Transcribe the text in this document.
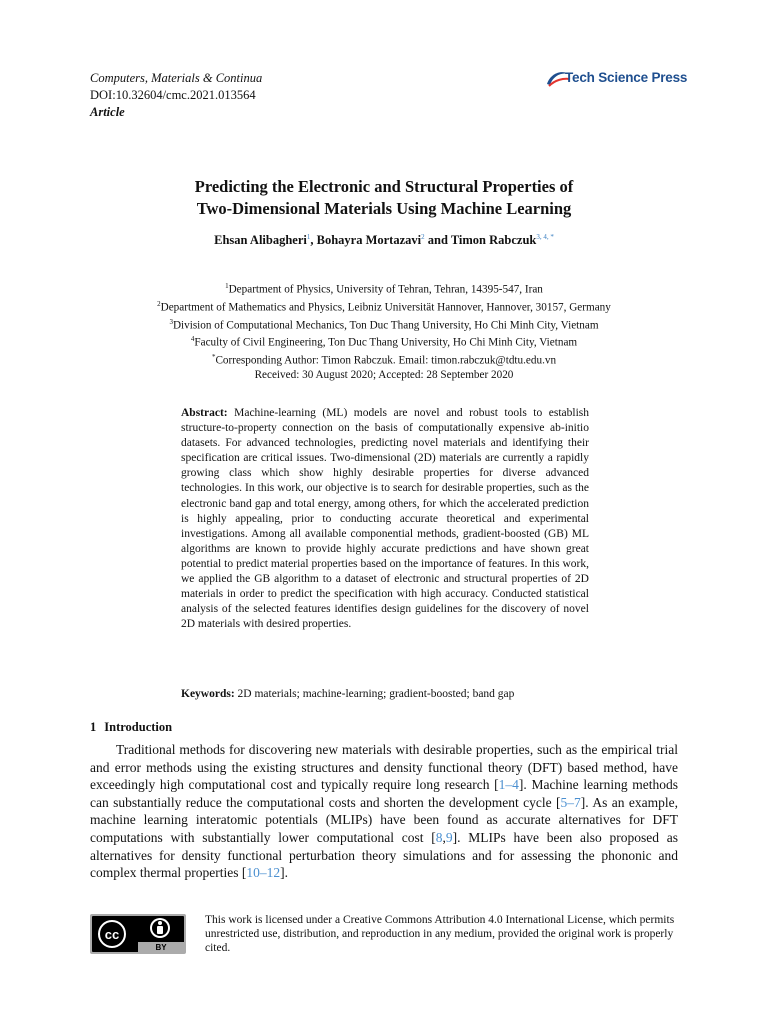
Computers, Materials & Continua
DOI:10.32604/cmc.2021.013564
Article
Tech Science Press
Predicting the Electronic and Structural Properties of
Two-Dimensional Materials Using Machine Learning
Ehsan Alibagheri$^1$, Bohayra Mortazavi$^2$ and Timon Rabczuk$^{3, 4, *}$
$^1$Department of Physics, University of Tehran, Tehran, 14395-547, Iran
$^2$Department of Mathematics and Physics, Leibniz Universität Hannover, Hannover, 30157, Germany
$^3$Division of Computational Mechanics, Ton Duc Thang University, Ho Chi Minh City, Vietnam
$^4$Faculty of Civil Engineering, Ton Duc Thang University, Ho Chi Minh City, Vietnam
*Corresponding Author: Timon Rabczuk. Email: timon.rabczuk@tdtu.edu.vn
Received: 30 August 2020; Accepted: 28 September 2020
Abstract: Machine-learning (ML) models are novel and robust tools to establish structure-to-property connection on the basis of computationally expensive ab-initio datasets. For advanced technologies, predicting novel materials and identifying their specification are critical issues. Two-dimensional (2D) materials are currently a rapidly growing class which show highly desirable properties for diverse advanced technologies. In this work, our objective is to search for desirable properties, such as the electronic band gap and total energy, among others, for which the accelerated prediction is highly appealing, prior to conducting accurate theoretical and experimental investigations. Among all available componential methods, gradient-boosted (GB) ML algorithms are known to provide highly accurate predictions and have shown great potential to predict material properties based on the importance of features. In this work, we applied the GB algorithm to a dataset of electronic and structural properties of 2D materials in order to predict the specification with high accuracy. Conducted statistical analysis of the selected features identifies design guidelines for the discovery of novel 2D materials with desired properties.
Keywords: 2D materials; machine-learning; gradient-boosted; band gap
1 Introduction
Traditional methods for discovering new materials with desirable properties, such as the empirical trial and error methods using the existing structures and density functional theory (DFT) based method, have exceedingly high computational cost and typically require long research [1–4]. Machine learning methods can substantially reduce the computational costs and shorten the development cycle [5–7]. As an example, machine learning interatomic potentials (MLIPs) have been found as accurate alternatives for DFT computations with substantially lower computational cost [8,9]. MLIPs have been also proposed as alternatives for density functional perturbation theory simulations and for assessing the phononic and complex thermal properties [10–12].
cc
BY
This work is licensed under a Creative Commons Attribution 4.0 International License, which permits unrestricted use, distribution, and reproduction in any medium, provided the original work is properly cited.
